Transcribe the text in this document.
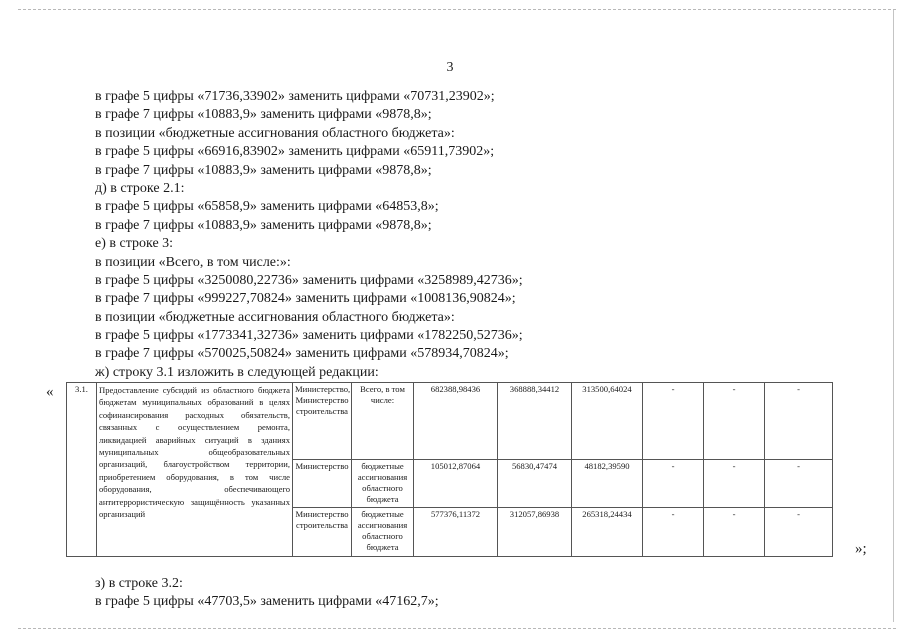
3
в графе 5 цифры «71736,33902» заменить цифрами «70731,23902»;
в графе 7 цифры «10883,9» заменить цифрами «9878,8»;
в позиции «бюджетные ассигнования областного бюджета»:
в графе 5 цифры «66916,83902» заменить цифрами «65911,73902»;
в графе 7 цифры «10883,9» заменить цифрами «9878,8»;
д) в строке 2.1:
в графе 5 цифры «65858,9» заменить цифрами «64853,8»;
в графе 7 цифры «10883,9» заменить цифрами «9878,8»;
е) в строке 3:
в позиции «Всего, в том числе:»:
в графе 5 цифры «3250080,22736» заменить цифрами «3258989,42736»;
в графе 7 цифры «999227,70824» заменить цифрами «1008136,90824»;
в позиции «бюджетные ассигнования областного бюджета»:
в графе 5 цифры «1773341,32736» заменить цифрами «1782250,52736»;
в графе 7 цифры «570025,50824» заменить цифрами «578934,70824»;
ж) строку 3.1 изложить в следующей редакции:
«	3.1.	Предоставление субсидий из областного бюджета бюджетам муниципальных образований в целях софинансирования расходных обязательств, связанных с осуществлением ремонта, ликвидацией аварийных ситуаций в зданиях муниципальных общеобразовательных организаций, благоустройством территории, приобретением оборудования, в том числе оборудования, обеспечивающего антитеррористическую защищённость указанных организаций	Министерство, Министерство строительства	Всего, в том числе:	682388,98436	368888,34412	313500,64024	-	-	-
		Министерство	бюджетные ассигнования областного бюджета	105012,87064	56830,47474	48182,39590	-	-	-
		Министерство строительства	бюджетные ассигнования областного бюджета	577376,11372	312057,86938	265318,24434	-	-	-
»;
з) в строке 3.2:
в графе 5 цифры «47703,5» заменить цифрами «47162,7»;
